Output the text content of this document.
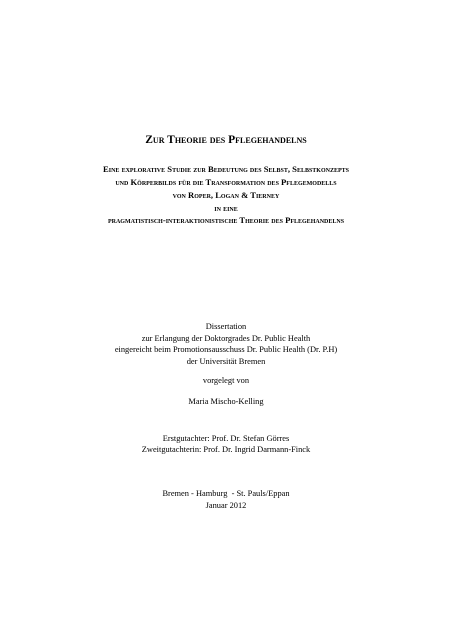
Zur Theorie des Pflegehandelns
Eine explorative Studie zur Bedeutung des Selbst, Selbstkonzepts
und Körperbilds für die Transformation des Pflegemodells
von Roper, Logan & Tierney
in eine
pragmatistisch-interaktionistische Theorie des Pflegehandelns
Dissertation
zur Erlangung der Doktorgrades Dr. Public Health
eingereicht beim Promotionsausschuss Dr. Public Health (Dr. P.H)
der Universität Bremen
vorgelegt von
Maria Mischo-Kelling
Erstgutachter: Prof. Dr. Stefan Görres
Zweitgutachterin: Prof. Dr. Ingrid Darmann-Finck
Bremen - Hamburg  - St. Pauls/Eppan
Januar 2012
